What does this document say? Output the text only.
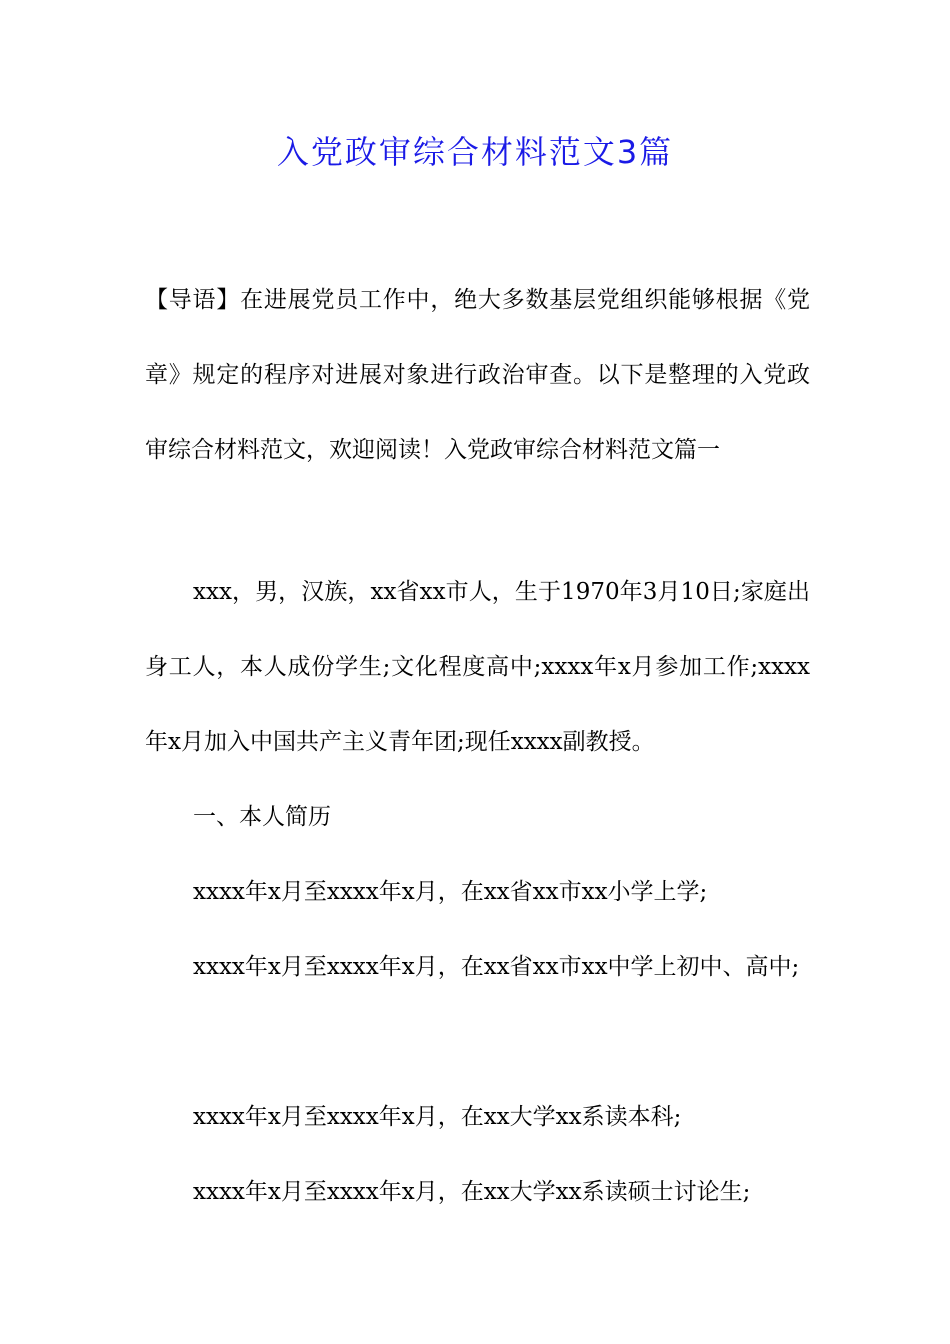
入党政审综合材料范文3篇

【导语】在进展党员工作中，绝大多数基层党组织能够根据《党章》规定的程序对进展对象进行政治审查。以下是整理的入党政审综合材料范文，欢迎阅读！入党政审综合材料范文篇一

xxx，男，汉族，xx省xx市人，生于1970年3月10日;家庭出身工人，本人成份学生;文化程度高中;xxxx年x月参加工作;xxxx年x月加入中国共产主义青年团;现任xxxx副教授。

一、本人简历

xxxx年x月至xxxx年x月，在xx省xx市xx小学上学;

xxxx年x月至xxxx年x月，在xx省xx市xx中学上初中、高中;

xxxx年x月至xxxx年x月，在xx大学xx系读本科;

xxxx年x月至xxxx年x月，在xx大学xx系读硕士讨论生;
